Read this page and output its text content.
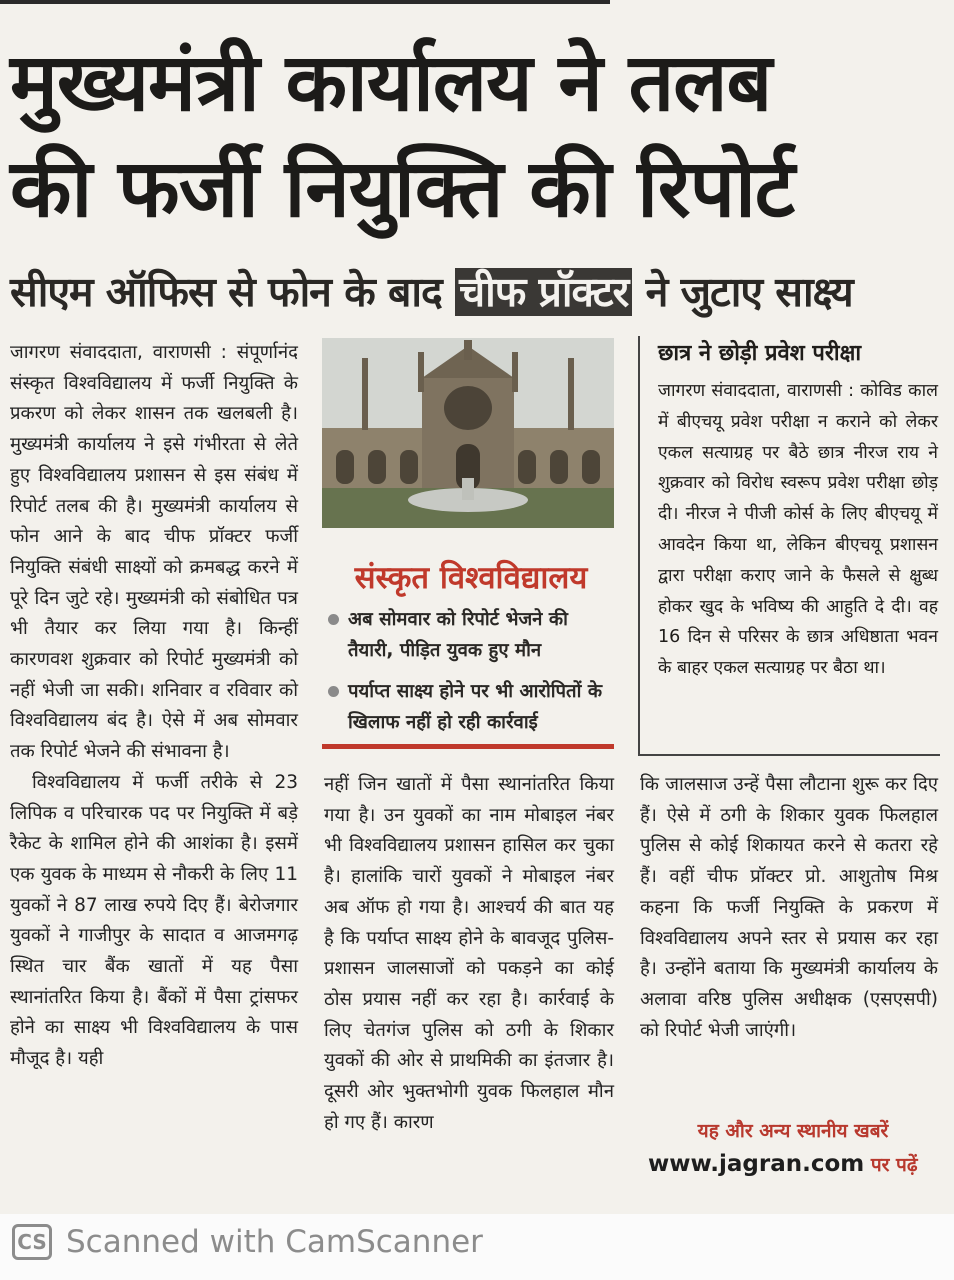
मुख्यमंत्री कार्यालय ने तलब
की फर्जी नियुक्ति की रिपोर्ट
सीएम ऑफिस से फोन के बाद चीफ प्रॉक्टर ने जुटाए साक्ष्य

जागरण संवाददाता, वाराणसी : संपूर्णानंद संस्कृत विश्वविद्यालय में फर्जी नियुक्ति के प्रकरण को लेकर शासन तक खलबली है। मुख्यमंत्री कार्यालय ने इसे गंभीरता से लेते हुए विश्वविद्यालय प्रशासन से इस संबंध में रिपोर्ट तलब की है। मुख्यमंत्री कार्यालय से फोन आने के बाद चीफ प्रॉक्टर फर्जी नियुक्ति संबंधी साक्ष्यों को क्रमबद्ध करने में पूरे दिन जुटे रहे। मुख्यमंत्री को संबोधित पत्र भी तैयार कर लिया गया है। किन्हीं कारणवश शुक्रवार को रिपोर्ट मुख्यमंत्री को नहीं भेजी जा सकी। शनिवार व रविवार को विश्वविद्यालय बंद है। ऐसे में अब सोमवार तक रिपोर्ट भेजने की संभावना है।

विश्वविद्यालय में फर्जी तरीके से 23 लिपिक व परिचारक पद पर नियुक्ति में बड़े रैकेट के शामिल होने की आशंका है। इसमें एक युवक के माध्यम से नौकरी के लिए 11 युवकों ने 87 लाख रुपये दिए हैं। बेरोजगार युवकों ने गाजीपुर के सादात व आजमगढ़ स्थित चार बैंक खातों में यह पैसा स्थानांतरित किया है। बैंकों में पैसा ट्रांसफर होने का साक्ष्य भी विश्वविद्यालय के पास मौजूद है। यही

छात्र ने छोड़ी प्रवेश परीक्षा

जागरण संवाददाता, वाराणसी : कोविड काल में बीएचयू प्रवेश परीक्षा न कराने को लेकर एकल सत्याग्रह पर बैठे छात्र नीरज राय ने शुक्रवार को विरोध स्वरूप प्रवेश परीक्षा छोड़ दी। नीरज ने पीजी कोर्स के लिए बीएचयू में आवदेन किया था, लेकिन बीएचयू प्रशासन द्वारा परीक्षा कराए जाने के फैसले से क्षुब्ध होकर खुद के भविष्य की आहुति दे दी। वह 16 दिन से परिसर के छात्र अधिष्ठाता भवन के बाहर एकल सत्याग्रह पर बैठा था।

संस्कृत विश्वविद्यालय
अब सोमवार को रिपोर्ट भेजने की तैयारी, पीड़ित युवक हुए मौन
पर्याप्त साक्ष्य होने पर भी आरोपितों के खिलाफ नहीं हो रही कार्रवाई

नहीं जिन खातों में पैसा स्थानांतरित किया गया है। उन युवकों का नाम मोबाइल नंबर भी विश्वविद्यालय प्रशासन हासिल कर चुका है। हालांकि चारों युवकों ने मोबाइल नंबर अब ऑफ हो गया है। आश्चर्य की बात यह है कि पर्याप्त साक्ष्य होने के बावजूद पुलिस- प्रशासन जालसाजों को पकड़ने का कोई ठोस प्रयास नहीं कर रहा है। कार्रवाई के लिए चेतगंज पुलिस को ठगी के शिकार युवकों की ओर से प्राथमिकी का इंतजार है। दूसरी ओर भुक्तभोगी युवक फिलहाल मौन हो गए हैं। कारण

कि जालसाज उन्हें पैसा लौटाना शुरू कर दिए हैं। ऐसे में ठगी के शिकार युवक फिलहाल पुलिस से कोई शिकायत करने से कतरा रहे हैं। वहीं चीफ प्रॉक्टर प्रो. आशुतोष मिश्र कहना कि फर्जी नियुक्ति के प्रकरण में विश्वविद्यालय अपने स्तर से प्रयास कर रहा है। उन्होंने बताया कि मुख्यमंत्री कार्यालय के अलावा वरिष्ठ पुलिस अधीक्षक (एसएसपी) को रिपोर्ट भेजी जाएंगी।

यह और अन्य स्थानीय खबरें
www.jagran.com पर पढ़ें
CS Scanned with CamScanner
